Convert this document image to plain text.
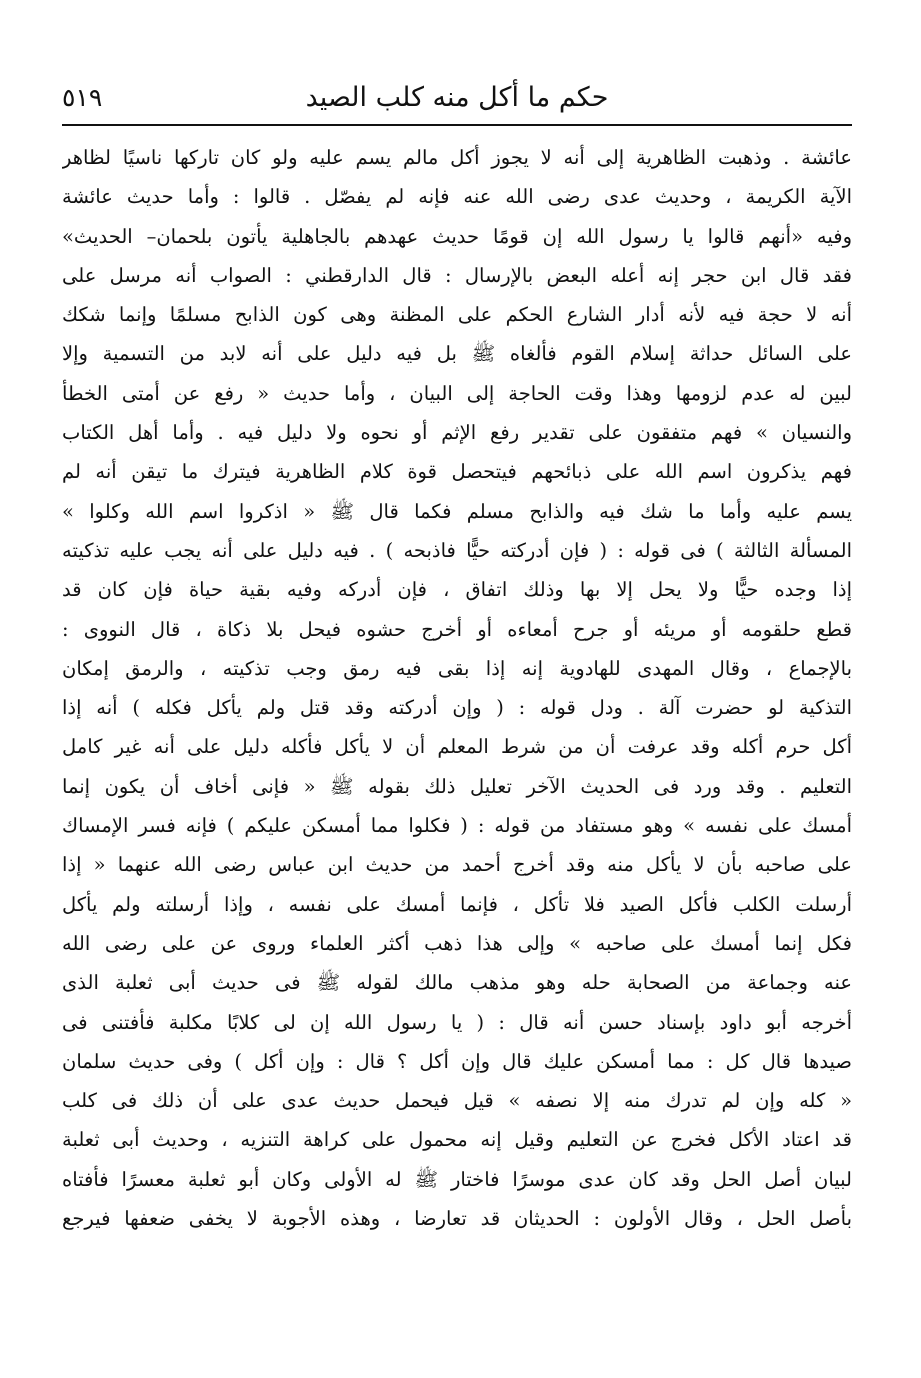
٥١٩	حكم ما أكل منه كلب الصيد
عائشة . وذهبت الظاهرية إلى أنه لا يجوز أكل مالم يسم عليه ولو كان تاركها ناسيًا لظاهر
الآية الكريمة ، وحديث عدى رضى الله عنه فإنه لم يفصّل . قالوا : وأما حديث عائشة
وفيه «أنهم قالوا يا رسول الله إن قومًا حديث عهدهم بالجاهلية يأتون بلحمان– الحديث»
فقد قال ابن حجر إنه أعله البعض بالإرسال : قال الدارقطني : الصواب أنه مرسل على
أنه لا حجة فيه لأنه أدار الشارع الحكم على المظنة وهى كون الذابح مسلمًا وإنما شكك
على السائل حداثة إسلام القوم فألغاه ﷺ بل فيه دليل على أنه لابد من التسمية وإلا
لبين له عدم لزومها وهذا وقت الحاجة إلى البيان ، وأما حديث « رفع عن أمتى الخطأ
والنسيان » فهم متفقون على تقدير رفع الإثم أو نحوه ولا دليل فيه . وأما أهل الكتاب
فهم يذكرون اسم الله على ذبائحهم فيتحصل قوة كلام الظاهرية فيترك ما تيقن أنه لم
يسم عليه وأما ما شك فيه والذابح مسلم فكما قال ﷺ « اذكروا اسم الله وكلوا »
المسألة الثالثة ) فى قوله : ( فإن أدركته حيًّا فاذبحه ) . فيه دليل على أنه يجب عليه تذكيته
إذا وجده حيًّا ولا يحل إلا بها وذلك اتفاق ، فإن أدركه وفيه بقية حياة فإن كان قد
قطع حلقومه أو مريئه أو جرح أمعاءه أو أخرج حشوه فيحل بلا ذكاة ، قال النووى :
بالإجماع ، وقال المهدى للهادوية إنه إذا بقى فيه رمق وجب تذكيته ، والرمق إمكان
التذكية لو حضرت آلة . ودل قوله : ( وإن أدركته وقد قتل ولم يأكل فكله ) أنه إذا
أكل حرم أكله وقد عرفت أن من شرط المعلم أن لا يأكل فأكله دليل على أنه غير كامل
التعليم . وقد ورد فى الحديث الآخر تعليل ذلك بقوله ﷺ « فإنى أخاف أن يكون إنما
أمسك على نفسه » وهو مستفاد من قوله : ( فكلوا مما أمسكن عليكم ) فإنه فسر الإمساك
على صاحبه بأن لا يأكل منه وقد أخرج أحمد من حديث ابن عباس رضى الله عنهما « إذا
أرسلت الكلب فأكل الصيد فلا تأكل ، فإنما أمسك على نفسه ، وإذا أرسلته ولم يأكل
فكل إنما أمسك على صاحبه » وإلى هذا ذهب أكثر العلماء وروى عن على رضى الله
عنه وجماعة من الصحابة حله وهو مذهب مالك لقوله ﷺ فى حديث أبى ثعلبة الذى
أخرجه أبو داود بإسناد حسن أنه قال : ( يا رسول الله إن لى كلابًا مكلبة فأفتنى فى
صيدها قال كل : مما أمسكن عليك قال وإن أكل ؟ قال : وإن أكل ) وفى حديث سلمان
« كله وإن لم تدرك منه إلا نصفه » قيل فيحمل حديث عدى على أن ذلك فى كلب
قد اعتاد الأكل فخرج عن التعليم وقيل إنه محمول على كراهة التنزيه ، وحديث أبى ثعلبة
لبيان أصل الحل وقد كان عدى موسرًا فاختار ﷺ له الأولى وكان أبو ثعلبة معسرًا فأفتاه
بأصل الحل ، وقال الأولون : الحديثان قد تعارضا ، وهذه الأجوبة لا يخفى ضعفها فيرجع
